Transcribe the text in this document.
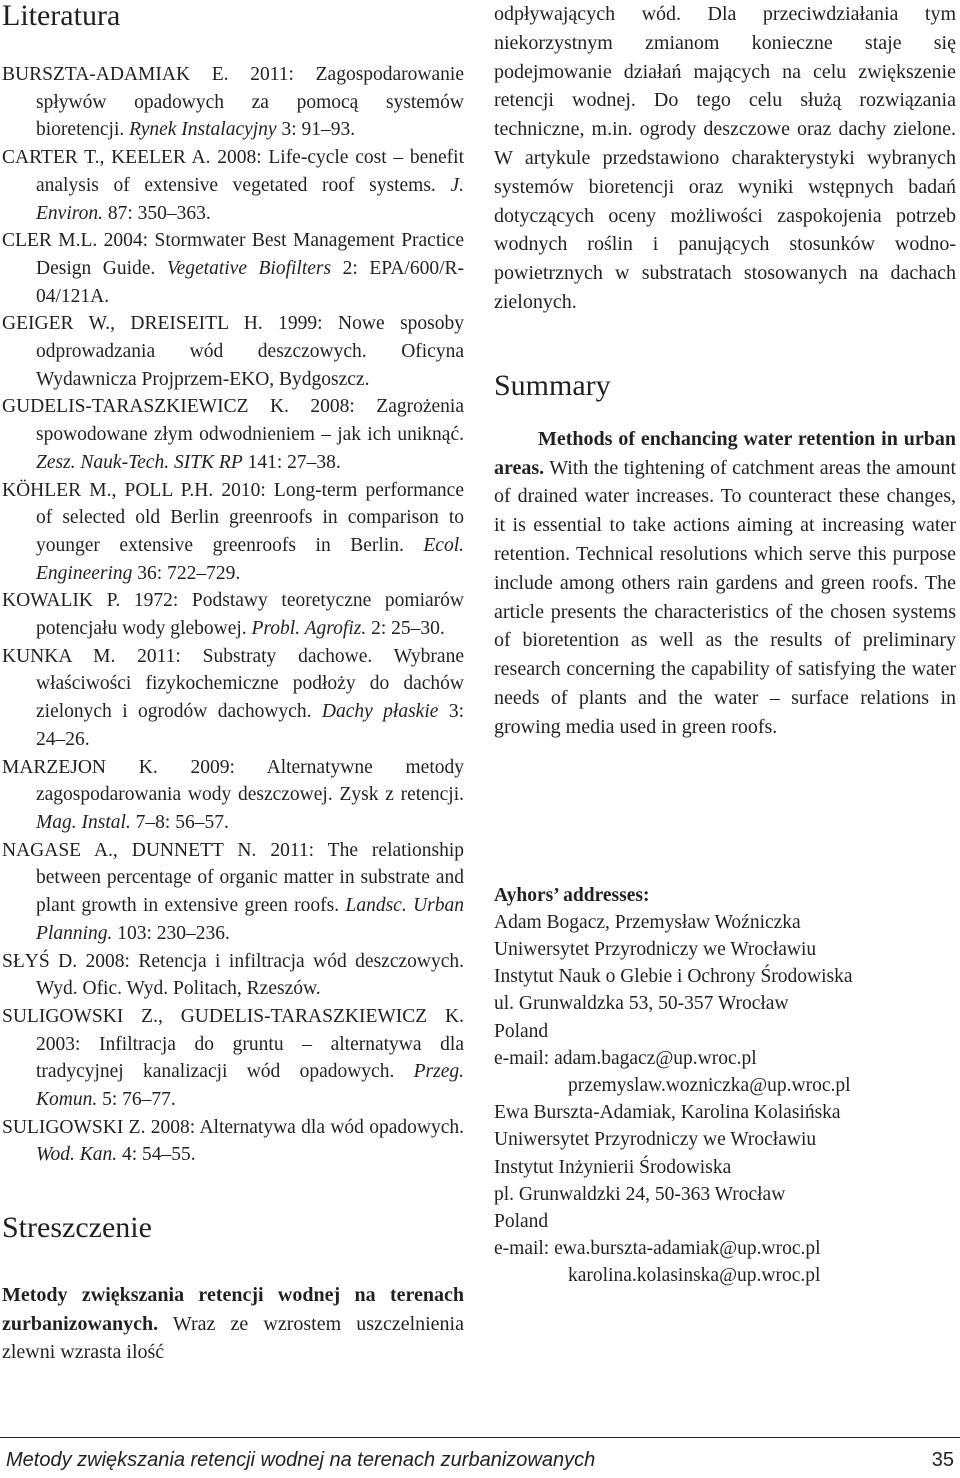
Literatura
BURSZTA-ADAMIAK E. 2011: Zagospodarowanie spływów opadowych za pomocą systemów bioretencji. Rynek Instalacyjny 3: 91–93.
CARTER T., KEELER A. 2008: Life-cycle cost – benefit analysis of extensive vegetated roof systems. J. Environ. 87: 350–363.
CLER M.L. 2004: Stormwater Best Management Practice Design Guide. Vegetative Biofilters 2: EPA/600/R-04/121A.
GEIGER W., DREISEITL H. 1999: Nowe sposoby odprowadzania wód deszczowych. Oficyna Wydawnicza Projprzem-EKO, Bydgoszcz.
GUDELIS-TARASZKIEWICZ K. 2008: Zagrożenia spowodowane złym odwodnieniem – jak ich uniknąć. Zesz. Nauk-Tech. SITK RP 141: 27–38.
KÖHLER M., POLL P.H. 2010: Long-term performance of selected old Berlin greenroofs in comparison to younger extensive greenroofs in Berlin. Ecol. Engineering 36: 722–729.
KOWALIK P. 1972: Podstawy teoretyczne pomiarów potencjału wody glebowej. Probl. Agrofiz. 2: 25–30.
KUNKA M. 2011: Substraty dachowe. Wybrane właściwości fizykochemiczne podłoży do dachów zielonych i ogrodów dachowych. Dachy płaskie 3: 24–26.
MARZEJON K. 2009: Alternatywne metody zagospodarowania wody deszczowej. Zysk z retencji. Mag. Instal. 7–8: 56–57.
NAGASE A., DUNNETT N. 2011: The relationship between percentage of organic matter in substrate and plant growth in extensive green roofs. Landsc. Urban Planning. 103: 230–236.
SŁYŚ D. 2008: Retencja i infiltracja wód deszczowych. Wyd. Ofic. Wyd. Politach, Rzeszów.
SULIGOWSKI Z., GUDELIS-TARASZKIEWICZ K. 2003: Infiltracja do gruntu – alternatywa dla tradycyjnej kanalizacji wód opadowych. Przeg. Komun. 5: 76–77.
SULIGOWSKI Z. 2008: Alternatywa dla wód opadowych. Wod. Kan. 4: 54–55.
Streszczenie
Metody zwiększania retencji wodnej na terenach zurbanizowanych. Wraz ze wzrostem uszczelnienia zlewni wzrasta ilość
odpływających wód. Dla przeciwdziałania tym niekorzystnym zmianom konieczne staje się podejmowanie działań mających na celu zwiększenie retencji wodnej. Do tego celu służą rozwiązania techniczne, m.in. ogrody deszczowe oraz dachy zielone. W artykule przedstawiono charakterystyki wybranych systemów bioretencji oraz wyniki wstępnych badań dotyczących oceny możliwości zaspokojenia potrzeb wodnych roślin i panujących stosunków wodno-powietrznych w substratach stosowanych na dachach zielonych.
Summary
Methods of enchancing water retention in urban areas. With the tightening of catchment areas the amount of drained water increases. To counteract these changes, it is essential to take actions aiming at increasing water retention. Technical resolutions which serve this purpose include among others rain gardens and green roofs. The article presents the characteristics of the chosen systems of bioretention as well as the results of preliminary research concerning the capability of satisfying the water needs of plants and the water – surface relations in growing media used in green roofs.
Ayhors’ addresses:
Adam Bogacz, Przemysław Woźniczka
Uniwersytet Przyrodniczy we Wrocławiu
Instytut Nauk o Glebie i Ochrony Środowiska
ul. Grunwaldzka 53, 50-357 Wrocław
Poland
e-mail: adam.bagacz@up.wroc.pl
przemyslaw.wozniczka@up.wroc.pl
Ewa Burszta-Adamiak, Karolina Kolasińska
Uniwersytet Przyrodniczy we Wrocławiu
Instytut Inżynierii Środowiska
pl. Grunwaldzki 24, 50-363 Wrocław
Poland
e-mail: ewa.burszta-adamiak@up.wroc.pl
karolina.kolasinska@up.wroc.pl
Metody zwiększania retencji wodnej na terenach zurbanizowanych	35
